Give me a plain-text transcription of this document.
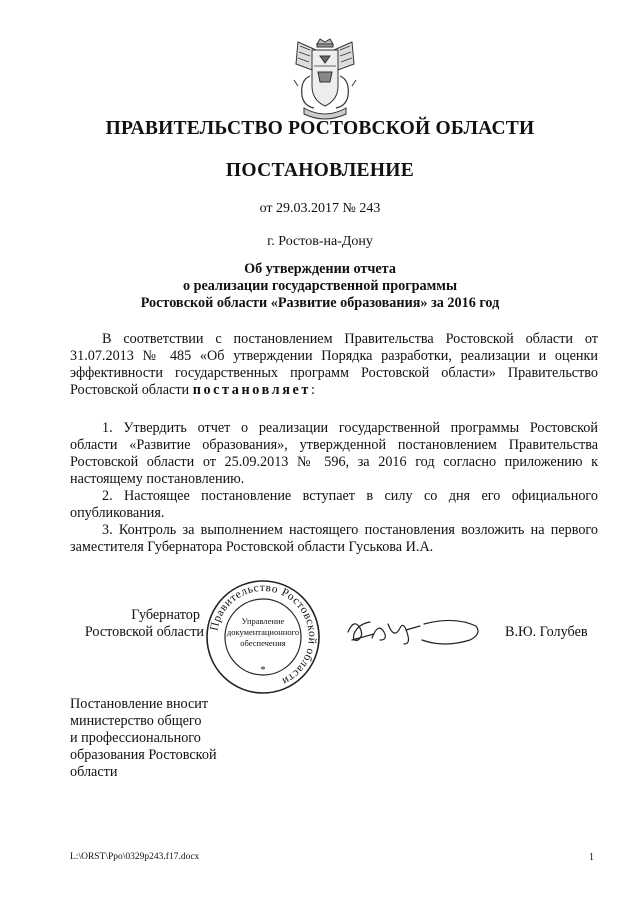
ПРАВИТЕЛЬСТВО РОСТОВСКОЙ ОБЛАСТИ
ПОСТАНОВЛЕНИЕ
от 29.03.2017 № 243
г. Ростов-на-Дону
Об утверждении отчета
о реализации государственной программы
Ростовской области «Развитие образования» за 2016 год
В соответствии с постановлением Правительства Ростовской области от 31.07.2013 № 485 «Об утверждении Порядка разработки, реализации и оценки эффективности государственных программ Ростовской области» Правительство Ростовской области постановляет:
1. Утвердить отчет о реализации государственной программы Ростовской области «Развитие образования», утвержденной постановлением Правительства Ростовской области от 25.09.2013 № 596, за 2016 год согласно приложению к настоящему постановлению.
2. Настоящее постановление вступает в силу со дня его официального опубликования.
3. Контроль за выполнением настоящего постановления возложить на первого заместителя Губернатора Ростовской области Гуськова И.А.
Губернатор
Ростовской области Правительство Ростовской области
Управление
документационного
обеспечения
*
В.Ю. Голубев
Постановление вносит
министерство общего
и профессионального
образования Ростовской
области
L:\ORST\Ppo\0329p243.f17.docx	1
